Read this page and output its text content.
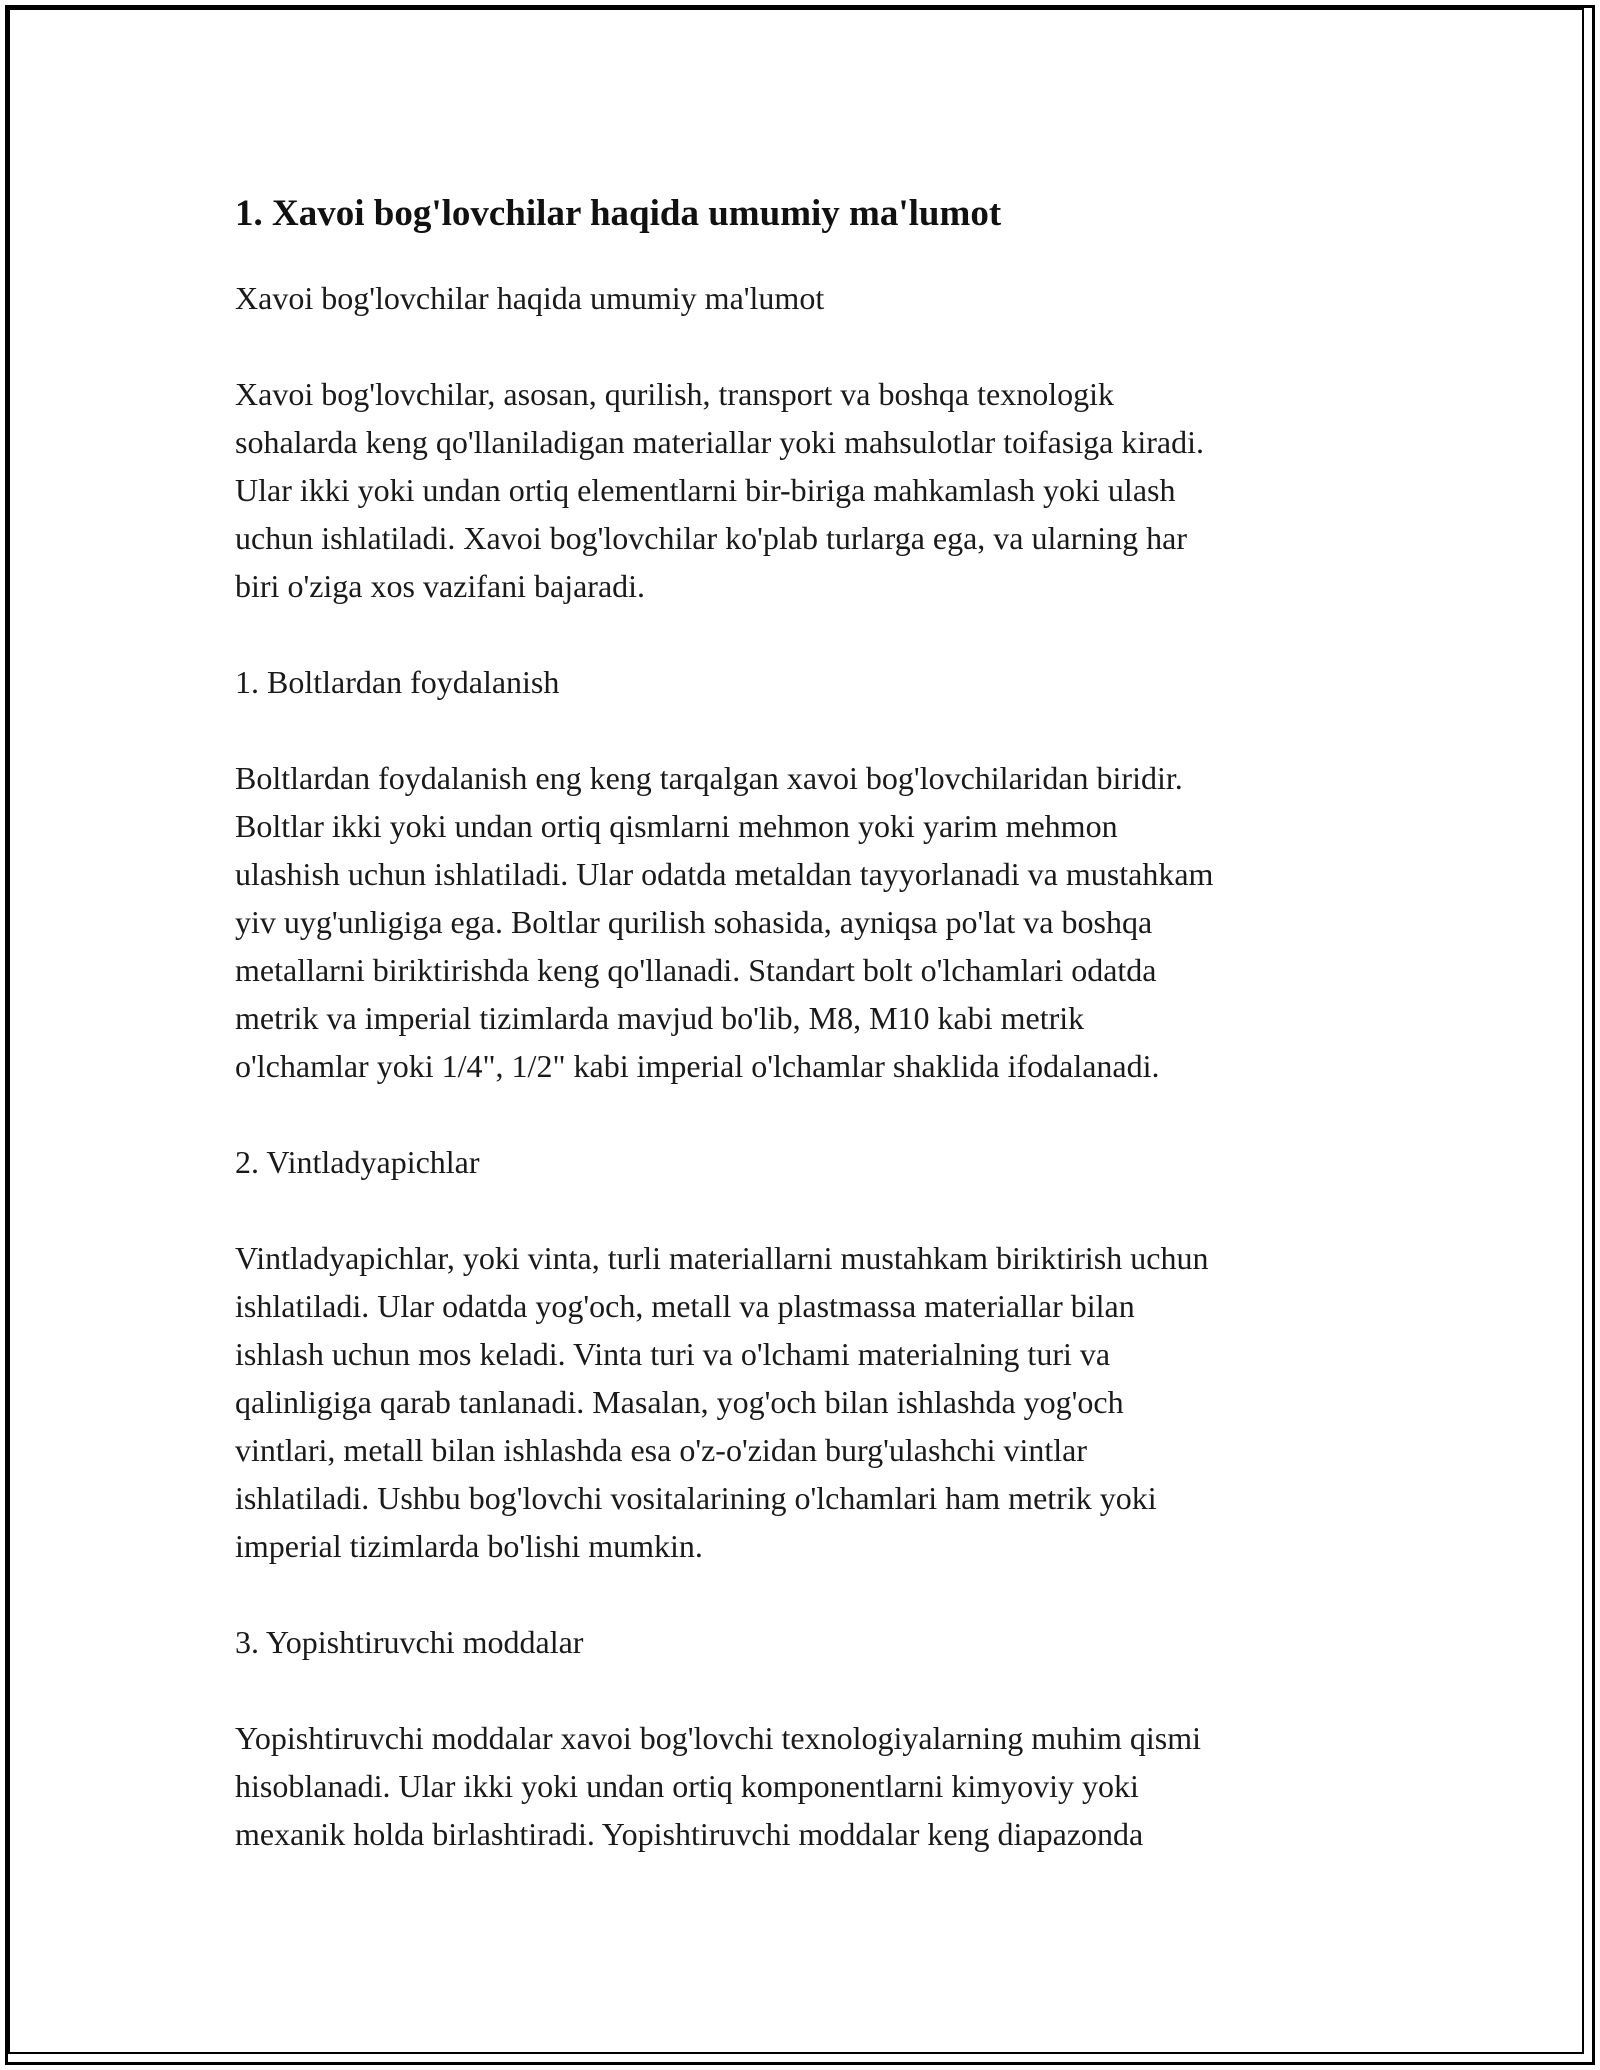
1. Xavoi bog'lovchilar haqida umumiy ma'lumot

Xavoi bog'lovchilar haqida umumiy ma'lumot

Xavoi bog'lovchilar, asosan, qurilish, transport va boshqa texnologik
sohalarda keng qo'llaniladigan materiallar yoki mahsulotlar toifasiga kiradi.
Ular ikki yoki undan ortiq elementlarni bir-biriga mahkamlash yoki ulash
uchun ishlatiladi. Xavoi bog'lovchilar ko'plab turlarga ega, va ularning har
biri o'ziga xos vazifani bajaradi.

1. Boltlardan foydalanish

Boltlardan foydalanish eng keng tarqalgan xavoi bog'lovchilaridan biridir.
Boltlar ikki yoki undan ortiq qismlarni mehmon yoki yarim mehmon
ulashish uchun ishlatiladi. Ular odatda metaldan tayyorlanadi va mustahkam
yiv uyg'unligiga ega. Boltlar qurilish sohasida, ayniqsa po'lat va boshqa
metallarni biriktirishda keng qo'llanadi. Standart bolt o'lchamlari odatda
metrik va imperial tizimlarda mavjud bo'lib, M8, M10 kabi metrik
o'lchamlar yoki 1/4", 1/2" kabi imperial o'lchamlar shaklida ifodalanadi.

2. Vintladyapichlar

Vintladyapichlar, yoki vinta, turli materiallarni mustahkam biriktirish uchun
ishlatiladi. Ular odatda yog'och, metall va plastmassa materiallar bilan
ishlash uchun mos keladi. Vinta turi va o'lchami materialning turi va
qalinligiga qarab tanlanadi. Masalan, yog'och bilan ishlashda yog'och
vintlari, metall bilan ishlashda esa o'z-o'zidan burg'ulashchi vintlar
ishlatiladi. Ushbu bog'lovchi vositalarining o'lchamlari ham metrik yoki
imperial tizimlarda bo'lishi mumkin.

3. Yopishtiruvchi moddalar

Yopishtiruvchi moddalar xavoi bog'lovchi texnologiyalarning muhim qismi
hisoblanadi. Ular ikki yoki undan ortiq komponentlarni kimyoviy yoki
mexanik holda birlashtiradi. Yopishtiruvchi moddalar keng diapazonda
